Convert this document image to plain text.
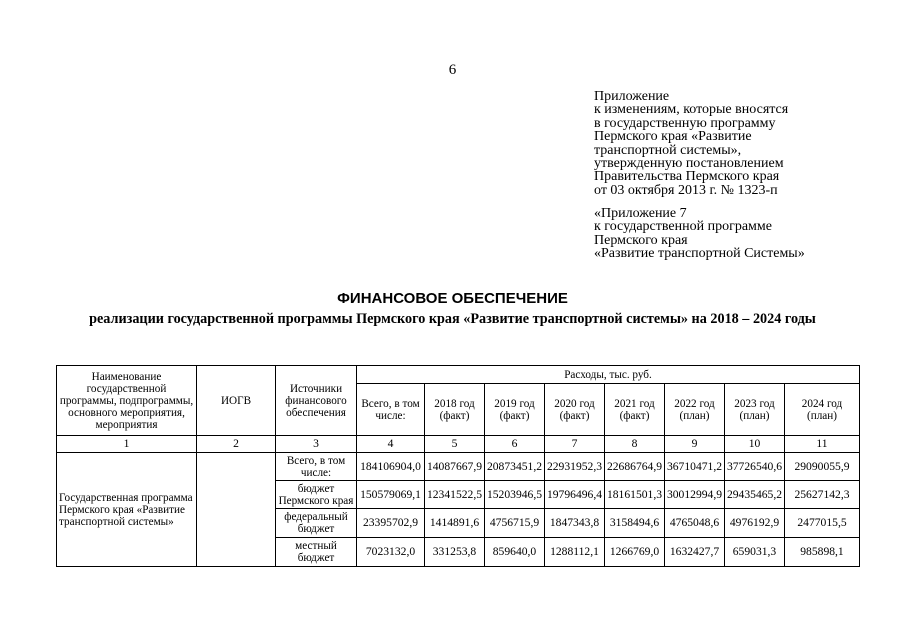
6
Приложение
к изменениям, которые вносятся
в государственную программу
Пермского края «Развитие
транспортной системы»,
утвержденную постановлением
Правительства Пермского края
от 03 октября 2013 г. № 1323-п
«Приложение 7
к государственной программе
Пермского края
«Развитие транспортной Системы»
ФИНАНСОВОЕ ОБЕСПЕЧЕНИЕ
реализации государственной программы Пермского края «Развитие транспортной системы» на 2018 – 2024 годы
Наименование государственной программы, подпрограммы, основного мероприятия, мероприятия	ИОГВ	Источники финансового обеспечения	Расходы, тыс. руб.							
			Всего, в том числе:	2018 год (факт)	2019 год (факт)	2020 год (факт)	2021 год (факт)	2022 год (план)	2023 год (план)	2024 год (план)
1	2	3	4	5	6	7	8	9	10	11
Государственная программа Пермского края «Развитие транспортной системы»		Всего, в том числе:	184106904,0	14087667,9	20873451,2	22931952,3	22686764,9	36710471,2	37726540,6	29090055,9
		бюджет Пермского края	150579069,1	12341522,5	15203946,5	19796496,4	18161501,3	30012994,9	29435465,2	25627142,3
		федеральный бюджет	23395702,9	1414891,6	4756715,9	1847343,8	3158494,6	4765048,6	4976192,9	2477015,5
		местный бюджет	7023132,0	331253,8	859640,0	1288112,1	1266769,0	1632427,7	659031,3	985898,1
